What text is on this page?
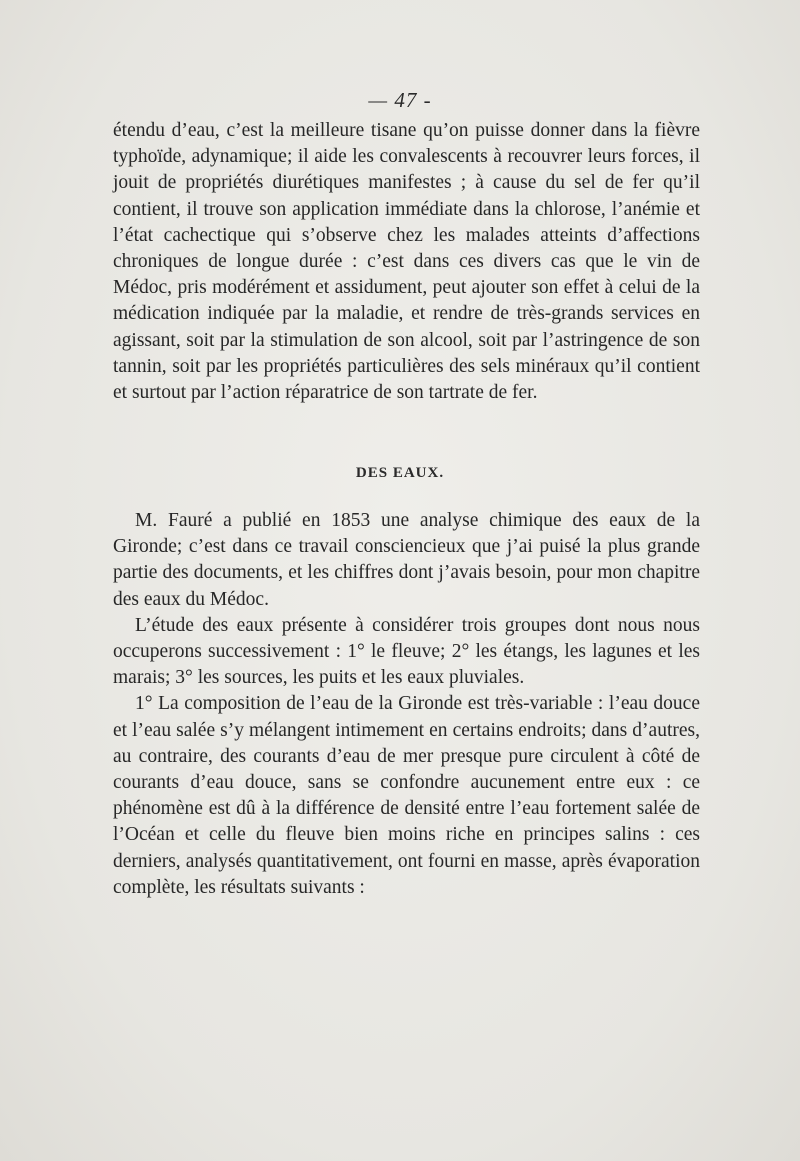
— 47 -

étendu d’eau, c’est la meilleure tisane qu’on puisse donner dans la fièvre typhoïde, adynamique; il aide les convalescents à recouvrer leurs forces, il jouit de propriétés diurétiques manifestes ; à cause du sel de fer qu’il contient, il trouve son application immédiate dans la chlorose, l’anémie et l’état cachectique qui s’observe chez les malades atteints d’affections chroniques de longue durée : c’est dans ces divers cas que le vin de Médoc, pris modérément et assidument, peut ajouter son effet à celui de la médication indiquée par la maladie, et rendre de très-grands services en agissant, soit par la stimulation de son alcool, soit par l’astringence de son tannin, soit par les propriétés particulières des sels minéraux qu’il contient et surtout par l’action réparatrice de son tartrate de fer.

DES EAUX.

M. Fauré a publié en 1853 une analyse chimique des eaux de la Gironde; c’est dans ce travail consciencieux que j’ai puisé la plus grande partie des documents, et les chiffres dont j’avais besoin, pour mon chapitre des eaux du Médoc.

L’étude des eaux présente à considérer trois groupes dont nous nous occuperons successivement : 1° le fleuve; 2° les étangs, les lagunes et les marais; 3° les sources, les puits et les eaux pluviales.

1° La composition de l’eau de la Gironde est très-variable : l’eau douce et l’eau salée s’y mélangent intimement en certains endroits; dans d’autres, au contraire, des courants d’eau de mer presque pure circulent à côté de courants d’eau douce, sans se confondre aucunement entre eux : ce phénomène est dû à la différence de densité entre l’eau fortement salée de l’Océan et celle du fleuve bien moins riche en principes salins : ces derniers, analysés quantitativement, ont fourni en masse, après évaporation complète, les résultats suivants :
